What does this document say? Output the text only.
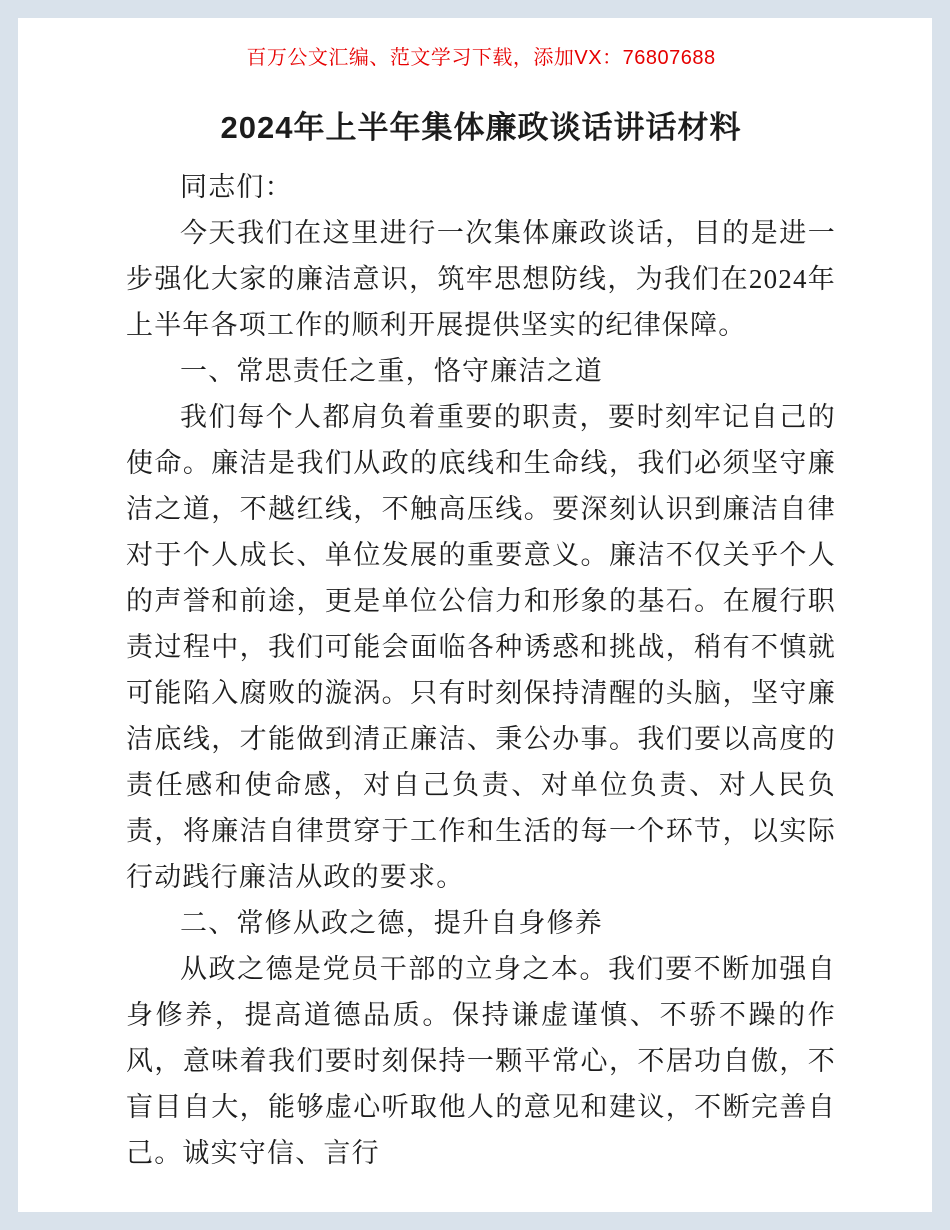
百万公文汇编、范文学习下载，添加VX：76807688
2024年上半年集体廉政谈话讲话材料

同志们：

今天我们在这里进行一次集体廉政谈话，目的是进一步强化大家的廉洁意识，筑牢思想防线，为我们在2024年上半年各项工作的顺利开展提供坚实的纪律保障。

一、常思责任之重，恪守廉洁之道

我们每个人都肩负着重要的职责，要时刻牢记自己的使命。廉洁是我们从政的底线和生命线，我们必须坚守廉洁之道，不越红线，不触高压线。要深刻认识到廉洁自律对于个人成长、单位发展的重要意义。廉洁不仅关乎个人的声誉和前途，更是单位公信力和形象的基石。在履行职责过程中，我们可能会面临各种诱惑和挑战，稍有不慎就可能陷入腐败的漩涡。只有时刻保持清醒的头脑，坚守廉洁底线，才能做到清正廉洁、秉公办事。我们要以高度的责任感和使命感，对自己负责、对单位负责、对人民负责，将廉洁自律贯穿于工作和生活的每一个环节，以实际行动践行廉洁从政的要求。

二、常修从政之德，提升自身修养

从政之德是党员干部的立身之本。我们要不断加强自身修养，提高道德品质。保持谦虚谨慎、不骄不躁的作风，意味着我们要时刻保持一颗平常心，不居功自傲，不盲目自大，能够虚心听取他人的意见和建议，不断完善自己。诚实守信、言行
